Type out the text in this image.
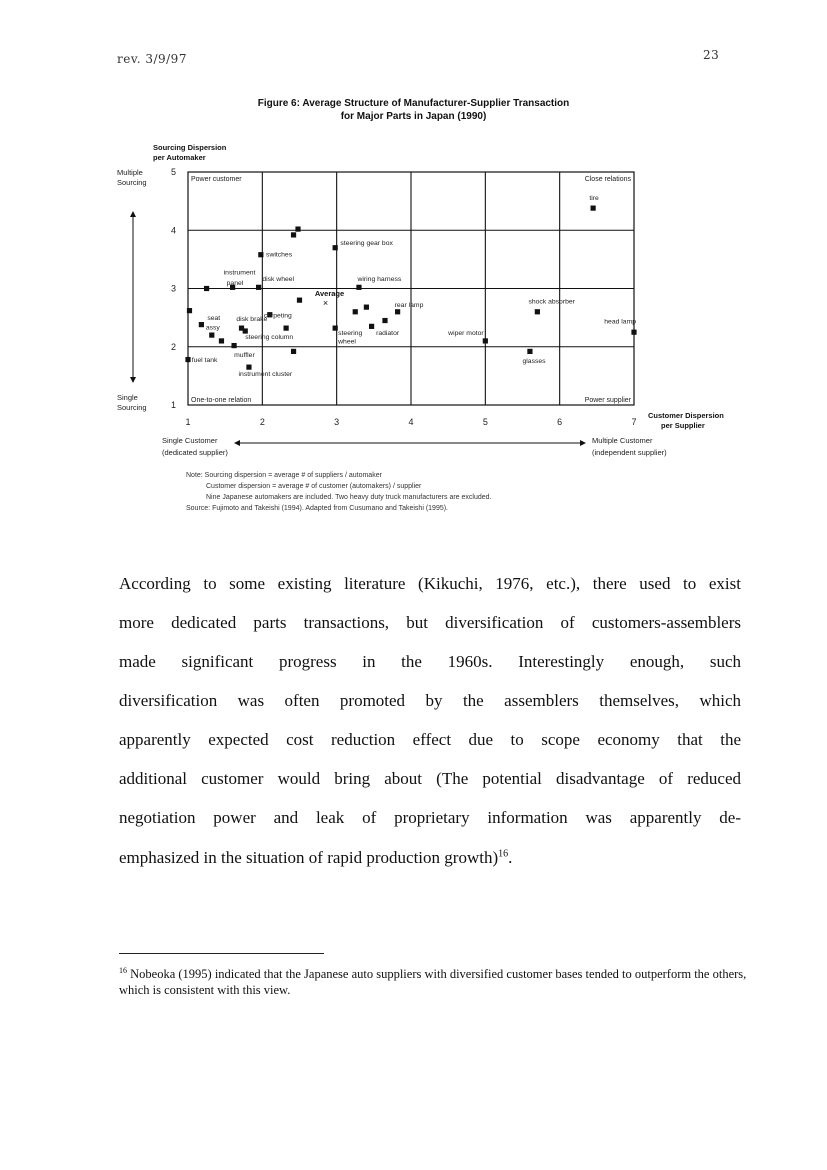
rev. 3/9/97	23
Figure 6: Average Structure of Manufacturer-Supplier Transaction
for Major Parts in Japan (1990)
Sourcing Dispersion
per Automaker
Multiple
Sourcing
Single
Sourcing
1	2	3	4	5	6	7
1
2
3
4
5
Power customer	Close relations
One-to-one relation	Power supplier
×
Average
tire
steering gear box
switches
instrument
panel
disk wheel	wiring harness
rear lamp	shock absorber
head lamp
seat
assy
disk brake
carpeting
steering column
steering
wheel
radiator	wiper motor
fuel tank
muffler
glasses
instrument cluster
Customer Dispersion
per Supplier
Single Customer
(dedicated supplier)
Multiple Customer
(independent supplier)
Note: Sourcing dispersion = average # of suppliers / automaker
Customer dispersion = average # of customer (automakers) / supplier
Nine Japanese automakers are included. Two heavy duty truck manufacturers are excluded.
Source: Fujimoto and Takeishi (1994). Adapted from Cusumano and Takeishi (1995).
According to some existing literature (Kikuchi, 1976, etc.), there used to exist
more dedicated parts transactions, but diversification of customers-assemblers
made significant progress in the 1960s. Interestingly enough, such
diversification was often promoted by the assemblers themselves, which
apparently expected cost reduction effect due to scope economy that the
additional customer would bring about (The potential disadvantage of reduced
negotiation power and leak of proprietary information was apparently de-
emphasized in the situation of rapid production growth)$^{16}$.
$^{16}$ Nobeoka (1995) indicated that the Japanese auto suppliers with diversified customer bases tended to outperform the others, which is consistent with this view.
